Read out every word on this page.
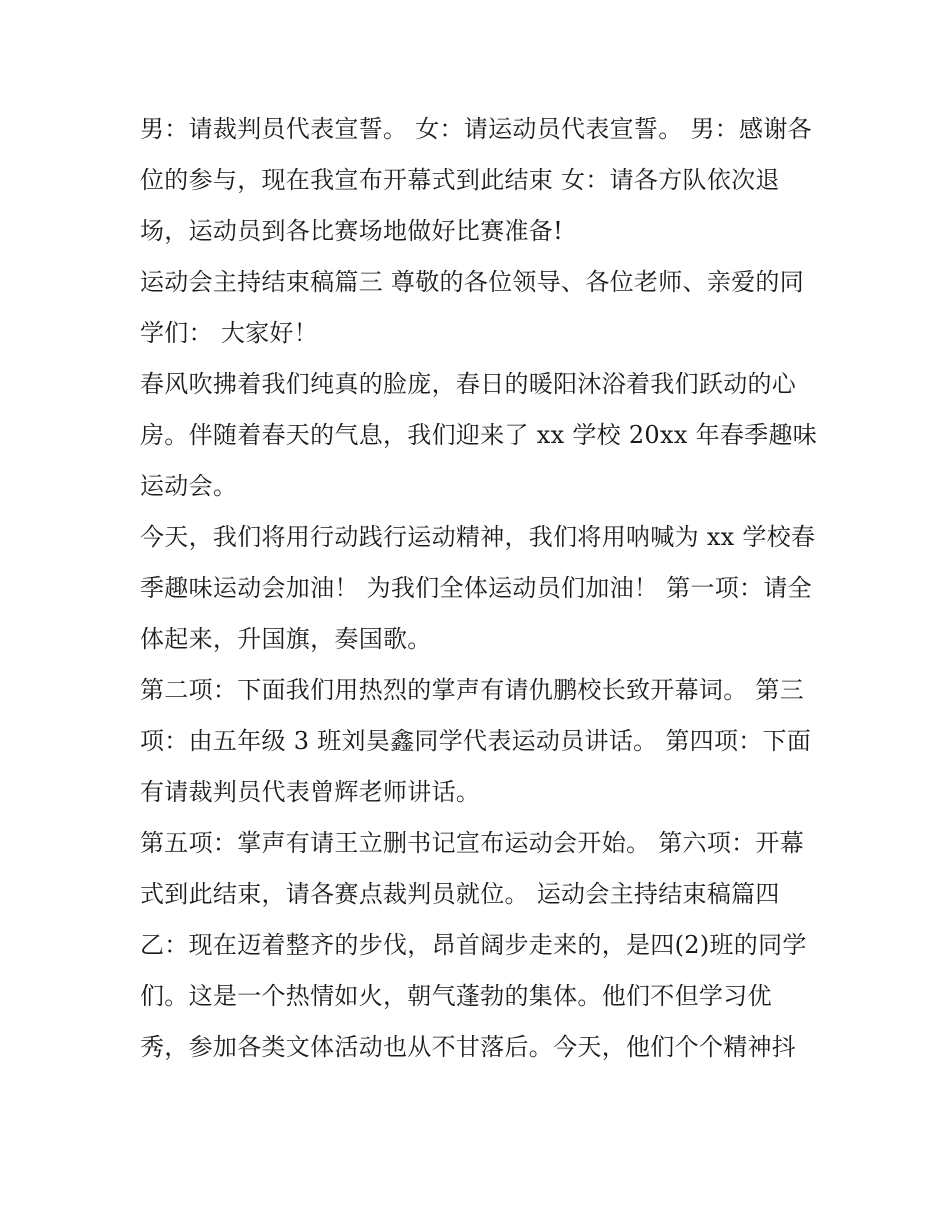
男：请裁判员代表宣誓。 女：请运动员代表宣誓。 男：感谢各位的参与，现在我宣布开幕式到此结束 女：请各方队依次退场，运动员到各比赛场地做好比赛准备!

运动会主持结束稿篇三 尊敬的各位领导、各位老师、亲爱的同学们： 大家好！

春风吹拂着我们纯真的脸庞，春日的暖阳沐浴着我们跃动的心房。伴随着春天的气息，我们迎来了 xx 学校 20xx 年春季趣味运动会。

今天，我们将用行动践行运动精神，我们将用呐喊为 xx 学校春季趣味运动会加油！ 为我们全体运动员们加油！ 第一项：请全体起来，升国旗，奏国歌。

第二项：下面我们用热烈的掌声有请仇鹏校长致开幕词。 第三项：由五年级 3 班刘昊鑫同学代表运动员讲话。 第四项：下面有请裁判员代表曾辉老师讲话。

第五项：掌声有请王立删书记宣布运动会开始。 第六项：开幕式到此结束，请各赛点裁判员就位。 运动会主持结束稿篇四

乙：现在迈着整齐的步伐，昂首阔步走来的，是四(2)班的同学们。这是一个热情如火，朝气蓬勃的集体。他们不但学习优秀，参加各类文体活动也从不甘落后。今天，他们个个精神抖
